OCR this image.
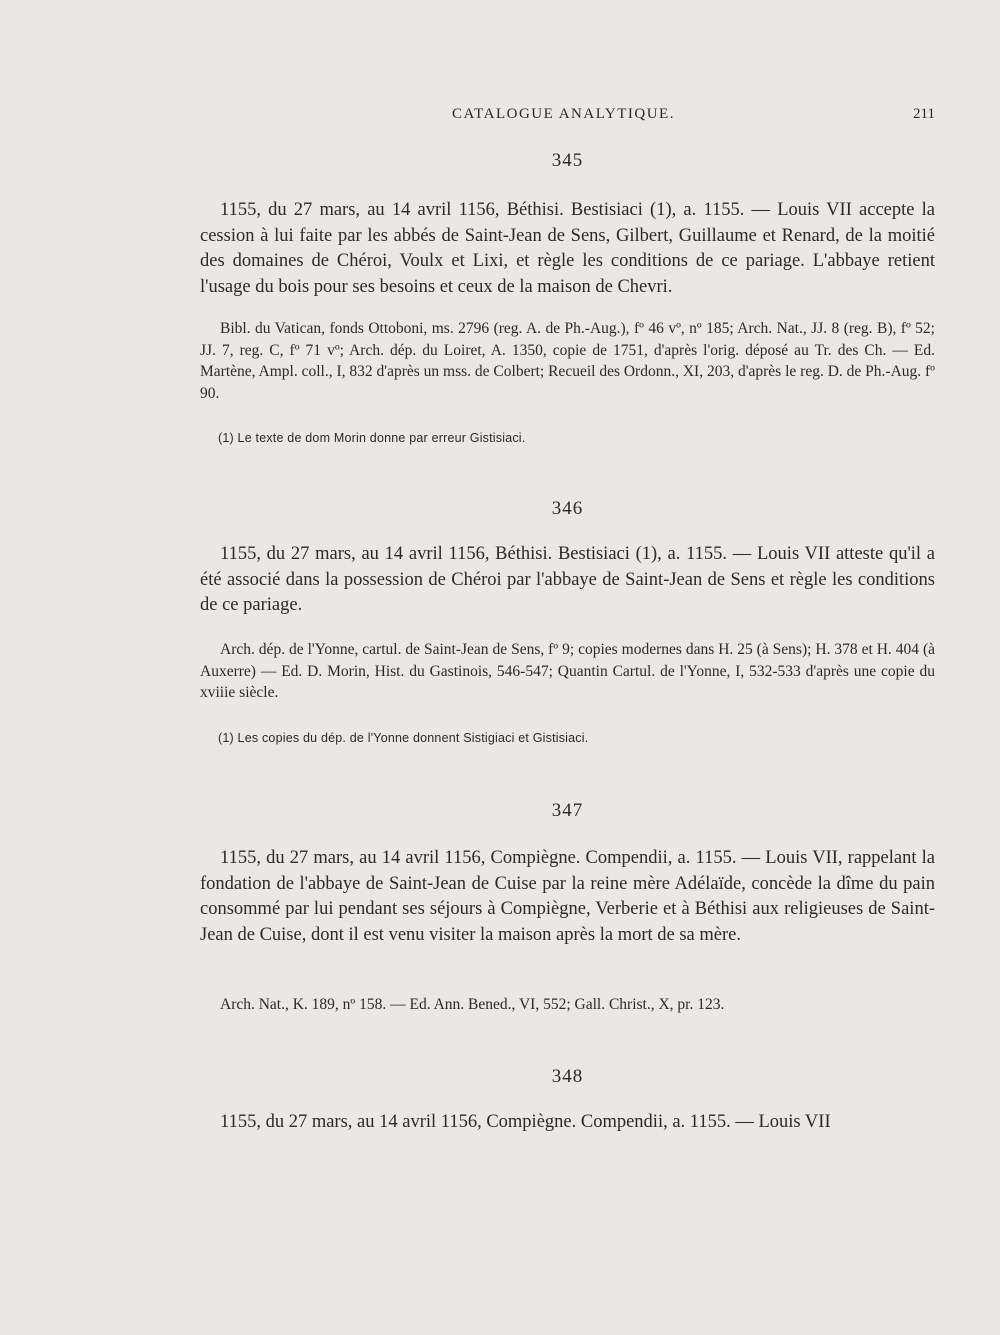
CATALOGUE ANALYTIQUE.	211
345

1155, du 27 mars, au 14 avril 1156, Béthisi. Bestisiaci (1), a. 1155. — Louis VII accepte la cession à lui faite par les abbés de Saint-Jean de Sens, Gilbert, Guillaume et Renard, de la moitié des domaines de Chéroi, Voulx et Lixi, et règle les conditions de ce pariage. L'abbaye retient l'usage du bois pour ses besoins et ceux de la maison de Chevri.

Bibl. du Vatican, fonds Ottoboni, ms. 2796 (reg. A. de Ph.-Aug.), fº 46 vº, nº 185; Arch. Nat., JJ. 8 (reg. B), fº 52; JJ. 7, reg. C, fº 71 vº; Arch. dép. du Loiret, A. 1350, copie de 1751, d'après l'orig. déposé au Tr. des Ch. — Ed. Martène, Ampl. coll., I, 832 d'après un mss. de Colbert; Recueil des Ordonn., XI, 203, d'après le reg. D. de Ph.-Aug. fº 90.
(1) Le texte de dom Morin donne par erreur Gistisiaci.
346

1155, du 27 mars, au 14 avril 1156, Béthisi. Bestisiaci (1), a. 1155. — Louis VII atteste qu'il a été associé dans la possession de Chéroi par l'abbaye de Saint-Jean de Sens et règle les conditions de ce pariage.

Arch. dép. de l'Yonne, cartul. de Saint-Jean de Sens, fº 9; copies modernes dans H. 25 (à Sens); H. 378 et H. 404 (à Auxerre) — Ed. D. Morin, Hist. du Gastinois, 546-547; Quantin Cartul. de l'Yonne, I, 532-533 d'après une copie du xviiie siècle.
(1) Les copies du dép. de l'Yonne donnent Sistigiaci et Gistisiaci.
347

1155, du 27 mars, au 14 avril 1156, Compiègne. Compendii, a. 1155. — Louis VII, rappelant la fondation de l'abbaye de Saint-Jean de Cuise par la reine mère Adélaïde, concède la dîme du pain consommé par lui pendant ses séjours à Compiègne, Verberie et à Béthisi aux religieuses de Saint-Jean de Cuise, dont il est venu visiter la maison après la mort de sa mère.

Arch. Nat., K. 189, nº 158. — Ed. Ann. Bened., VI, 552; Gall. Christ., X, pr. 123.
348

1155, du 27 mars, au 14 avril 1156, Compiègne. Compendii, a. 1155. — Louis VII
